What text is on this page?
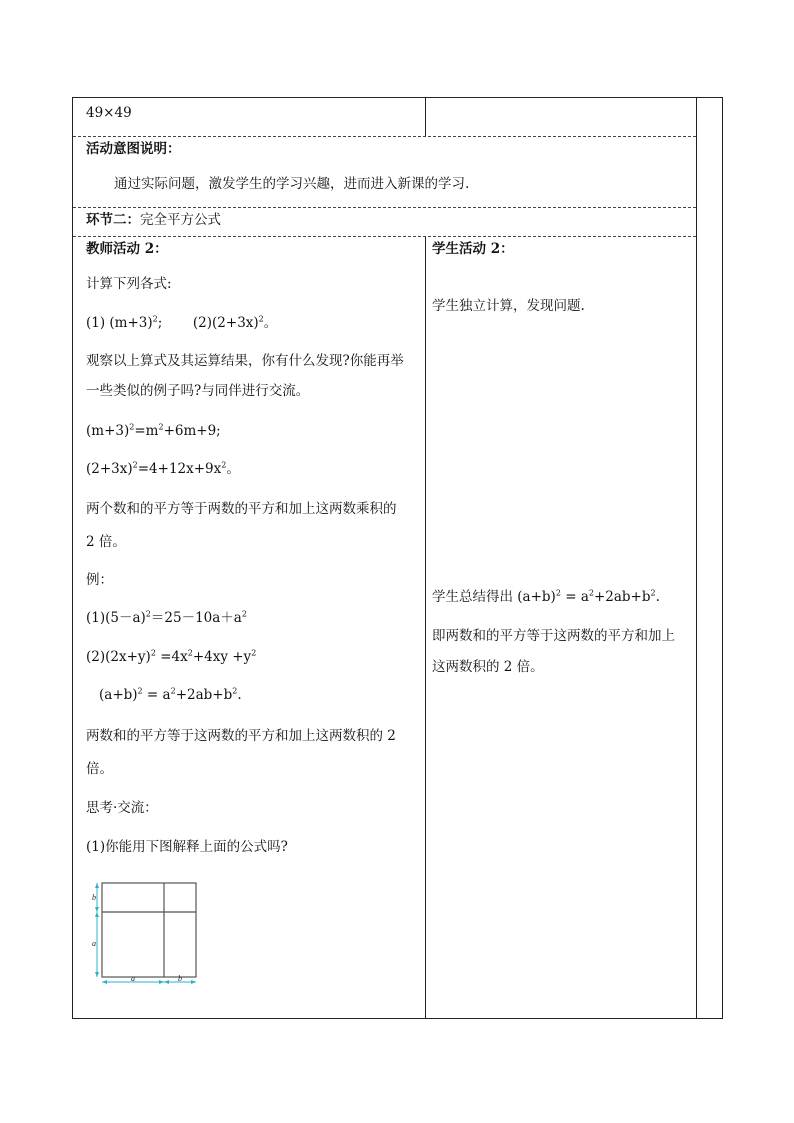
49×49
活动意图说明：
通过实际问题，激发学生的学习兴趣，进而进入新课的学习.
环节二：完全平方公式
教师活动 2：
计算下列各式:
(1) $(m+3)^2$; $(2)(2+3x)^2$。
观察以上算式及其运算结果，你有什么发现?你能再举
一些类似的例子吗?与同伴进行交流。
$(m+3)^2=m^2+6m+9$;
$(2+3x)^2=4+12x+9x^2$。
两个数和的平方等于两数的平方和加上这两数乘积的
2 倍。
例：
$(1)(5-a)^2=25-10a+a^2$
$(2)(2x+y)^2 =4x^2+4xy +y^2$
$(a+b)^2 = a^2+2ab+b^2$.
两数和的平方等于这两数的平方和加上这两数积的 2
倍。
思考·交流：
(1)你能用下图解释上面的公式吗?
b
a
a	b
学生活动 2：
学生独立计算，发现问题.
学生总结得出 $(a+b)^2 = a^2+2ab+b^2$.
即两数和的平方等于这两数的平方和加上
这两数积的 2 倍。
